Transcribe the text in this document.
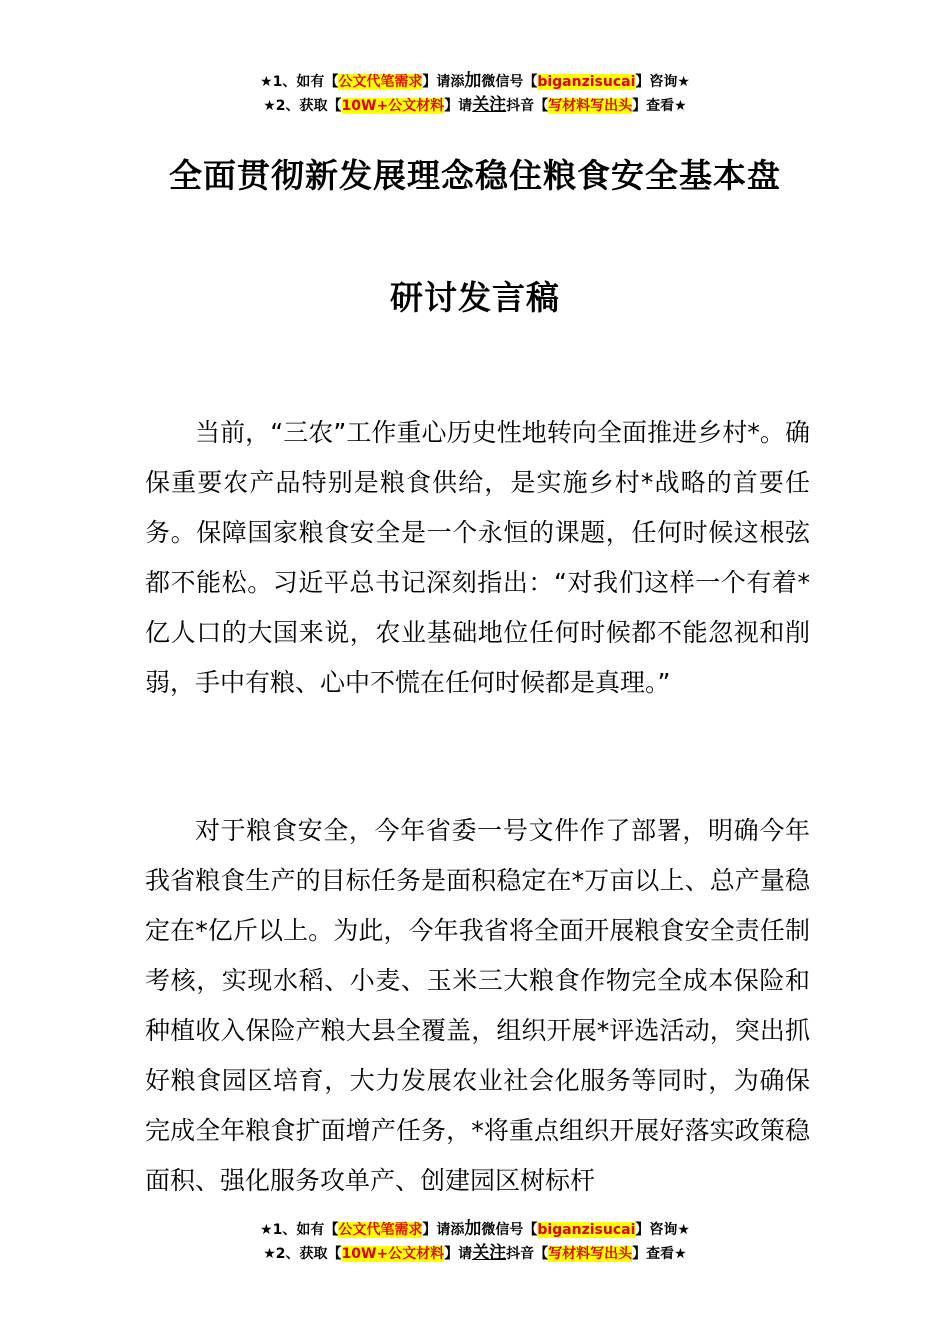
★1、如有【公文代笔需求】请添加微信号【biganzisucai】咨询★
★2、获取【10W+公文材料】请关注抖音【写材料写出头】查看★
全面贯彻新发展理念稳住粮食安全基本盘
研讨发言稿

当前，“三农”工作重心历史性地转向全面推进乡村*。确保重要农产品特别是粮食供给，是实施乡村*战略的首要任务。保障国家粮食安全是一个永恒的课题，任何时候这根弦都不能松。习近平总书记深刻指出：“对我们这样一个有着*亿人口的大国来说，农业基础地位任何时候都不能忽视和削弱，手中有粮、心中不慌在任何时候都是真理。”

对于粮食安全，今年省委一号文件作了部署，明确今年我省粮食生产的目标任务是面积稳定在*万亩以上、总产量稳定在*亿斤以上。为此，今年我省将全面开展粮食安全责任制考核，实现水稻、小麦、玉米三大粮食作物完全成本保险和种植收入保险产粮大县全覆盖，组织开展*评选活动，突出抓好粮食园区培育，大力发展农业社会化服务等同时，为确保完成全年粮食扩面增产任务，*将重点组织开展好落实政策稳面积、强化服务攻单产、创建园区树标杆

★1、如有【公文代笔需求】请添加微信号【biganzisucai】咨询★
★2、获取【10W+公文材料】请关注抖音【写材料写出头】查看★
